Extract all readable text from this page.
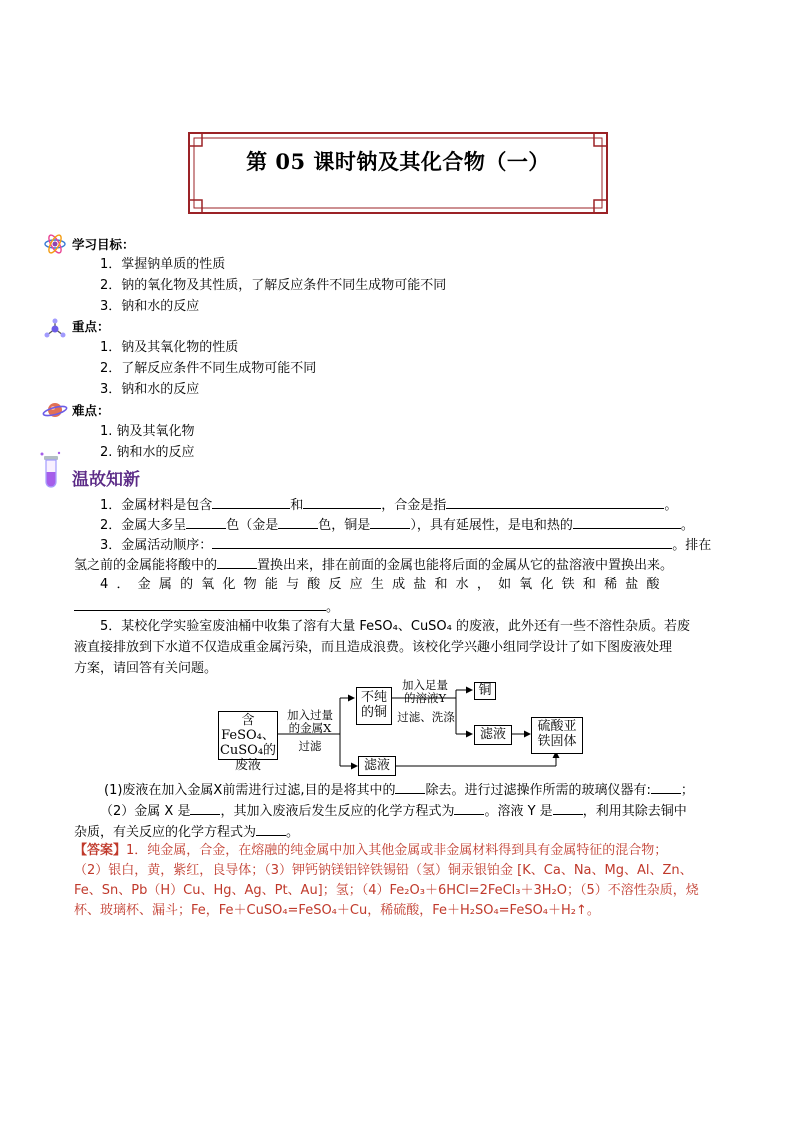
第 05 课时钠及其化合物（一）
学习目标：
1．掌握钠单质的性质
2．钠的氧化物及其性质，了解反应条件不同生成物可能不同
3．钠和水的反应
重点：
1．钠及其氧化物的性质
2．了解反应条件不同生成物可能不同
3．钠和水的反应
难点：
1. 钠及其氧化物
2. 钠和水的反应
温故知新
1．金属材料是包含	和	，合金是指	。
2．金属大多呈	色（金是	色，铜是	），具有延展性，是电和热的	。
3．金属活动顺序：	。排在
氢之前的金属能将酸中的	置换出来，排在前面的金属也能将后面的金属从它的盐溶液中置换出来。
4．金属的氧化物能与酸反应生成盐和水，如氧化铁和稀盐酸
。
5．某校化学实验室废油桶中收集了溶有大量 FeSO₄、CuSO₄ 的废液，此外还有一些不溶性杂质。若废
液直接排放到下水道不仅造成重金属污染，而且造成浪费。该校化学兴趣小组同学设计了如下图废液处理
方案，请回答有关问题。
含FeSO₄、
CuSO₄的
废液
加入过量
的金属X
过滤
不纯
的铜
加入足量
的溶液Y
过滤、洗涤
铜
滤液
硫酸亚
铁固体
滤液
(1)废液在加入金属X前需进行过滤,目的是将其中的 除去。进行过滤操作所需的玻璃仪器有: ；
（2）金属 X 是 ，其加入废液后发生反应的化学方程式为 。溶液 Y 是 ，利用其除去铜中
杂质，有关反应的化学方程式为 。
【答案】1．纯金属，合金，在熔融的纯金属中加入其他金属或非金属材料得到具有金属特征的混合物；
（2）银白，黄，紫红，良导体；（3）钾钙钠镁铝锌铁锡铅（氢）铜汞银铂金 [K、Ca、Na、Mg、Al、Zn、
Fe、Sn、Pb（H）Cu、Hg、Ag、Pt、Au]；氢；（4）Fe₂O₃＋6HCl=2FeCl₃＋3H₂O；（5）不溶性杂质，烧
杯、玻璃杯、漏斗；Fe，Fe＋CuSO₄=FeSO₄＋Cu，稀硫酸，Fe＋H₂SO₄=FeSO₄＋H₂↑。
